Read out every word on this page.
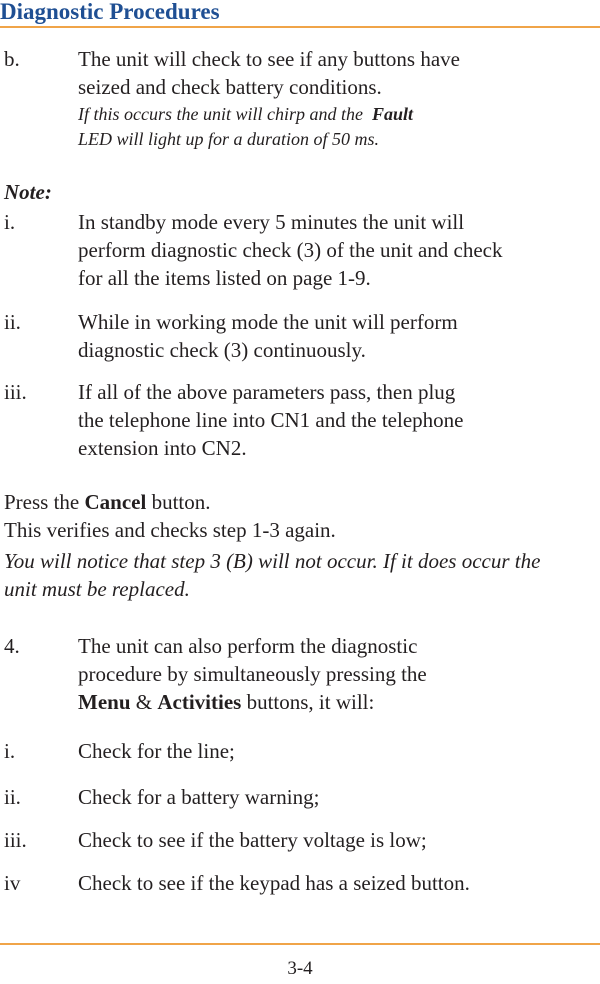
Diagnostic Procedures
b.	The unit will check to see if any buttons have
seized and check battery conditions.
If this occurs the unit will chirp and the Fault
LED will light up for a duration of 50 ms.
Note:
i.	In standby mode every 5 minutes the unit will
perform diagnostic check (3) of the unit and check
for all the items listed on page 1-9.
ii.	While in working mode the unit will perform
diagnostic check (3) continuously.
iii. If all of the above parameters pass, then plug
the telephone line into CN1 and the telephone
extension into CN2.
Press the Cancel button.
This verifies and checks step 1-3 again.
You will notice that step 3 (B) will not occur. If it does occur the
unit must be replaced.
4.	The unit can also perform the diagnostic
procedure by simultaneously pressing the
Menu & Activities buttons, it will:
i.	Check for the line;
ii.	Check for a battery warning;
iii. Check to see if the battery voltage is low;
iv	Check to see if the keypad has a seized button.
3-4
